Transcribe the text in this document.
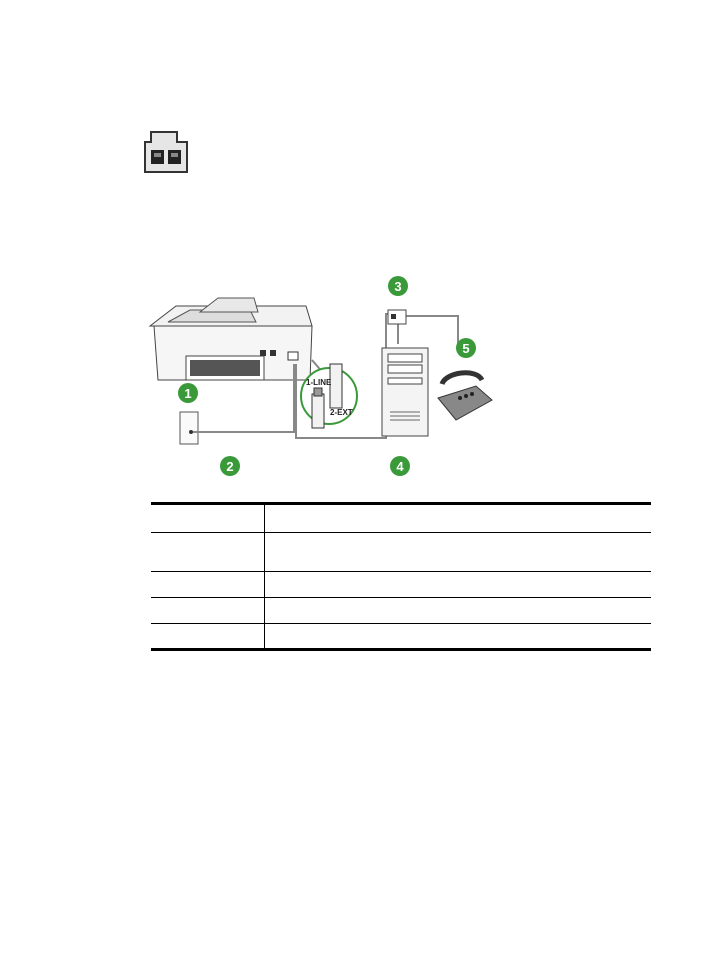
1-LINE
2-EXT
1
2
3
4
5
